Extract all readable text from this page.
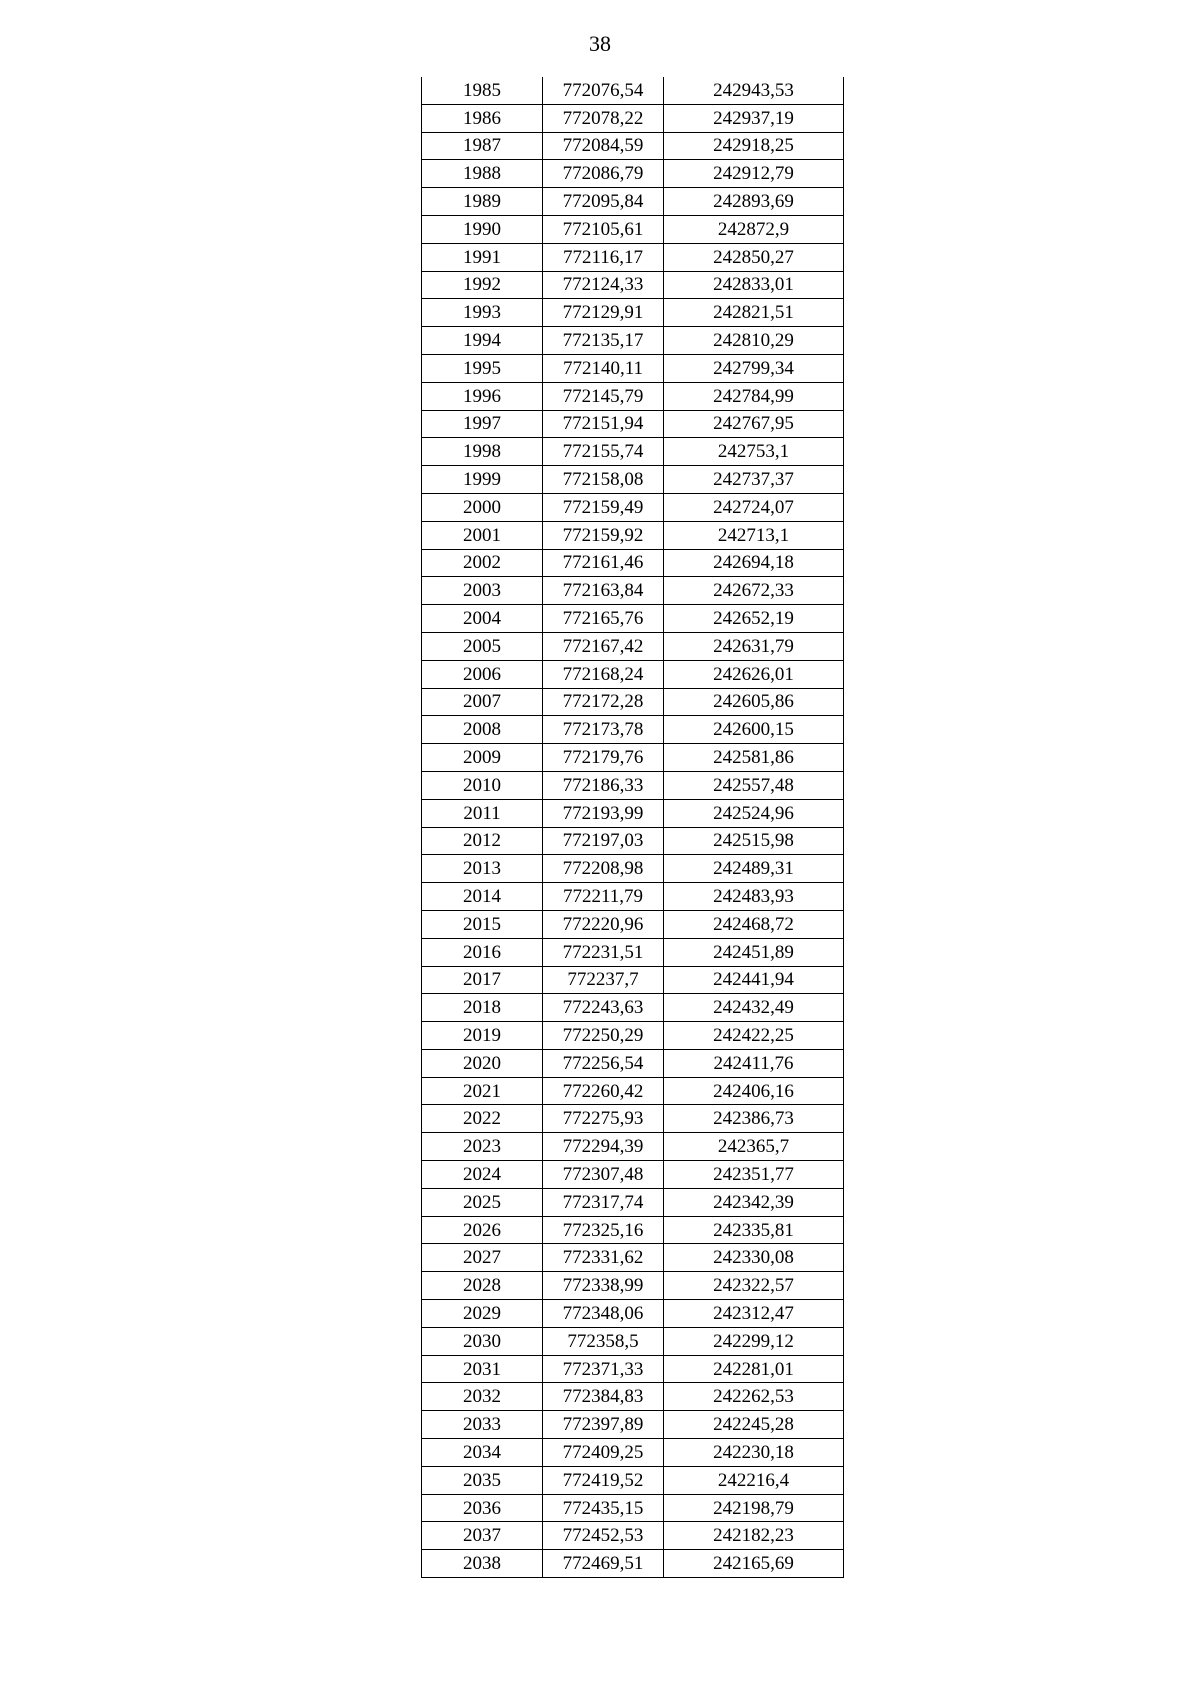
38
1985	772076,54	242943,53
1986	772078,22	242937,19
1987	772084,59	242918,25
1988	772086,79	242912,79
1989	772095,84	242893,69
1990	772105,61	242872,9
1991	772116,17	242850,27
1992	772124,33	242833,01
1993	772129,91	242821,51
1994	772135,17	242810,29
1995	772140,11	242799,34
1996	772145,79	242784,99
1997	772151,94	242767,95
1998	772155,74	242753,1
1999	772158,08	242737,37
2000	772159,49	242724,07
2001	772159,92	242713,1
2002	772161,46	242694,18
2003	772163,84	242672,33
2004	772165,76	242652,19
2005	772167,42	242631,79
2006	772168,24	242626,01
2007	772172,28	242605,86
2008	772173,78	242600,15
2009	772179,76	242581,86
2010	772186,33	242557,48
2011	772193,99	242524,96
2012	772197,03	242515,98
2013	772208,98	242489,31
2014	772211,79	242483,93
2015	772220,96	242468,72
2016	772231,51	242451,89
2017	772237,7	242441,94
2018	772243,63	242432,49
2019	772250,29	242422,25
2020	772256,54	242411,76
2021	772260,42	242406,16
2022	772275,93	242386,73
2023	772294,39	242365,7
2024	772307,48	242351,77
2025	772317,74	242342,39
2026	772325,16	242335,81
2027	772331,62	242330,08
2028	772338,99	242322,57
2029	772348,06	242312,47
2030	772358,5	242299,12
2031	772371,33	242281,01
2032	772384,83	242262,53
2033	772397,89	242245,28
2034	772409,25	242230,18
2035	772419,52	242216,4
2036	772435,15	242198,79
2037	772452,53	242182,23
2038	772469,51	242165,69
